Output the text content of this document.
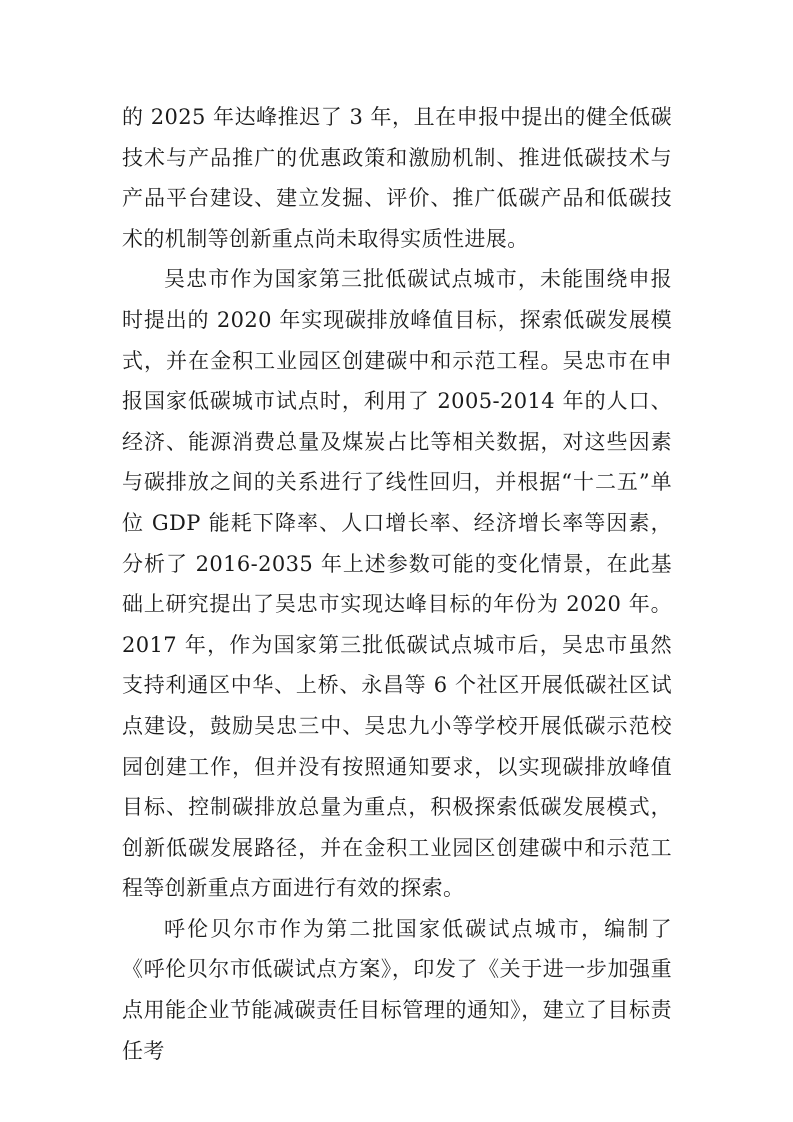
的 2025 年达峰推迟了 3 年，且在申报中提出的健全低碳技术与产品推广的优惠政策和激励机制、推进低碳技术与产品平台建设、建立发掘、评价、推广低碳产品和低碳技术的机制等创新重点尚未取得实质性进展。

吴忠市作为国家第三批低碳试点城市，未能围绕申报时提出的 2020 年实现碳排放峰值目标，探索低碳发展模式，并在金积工业园区创建碳中和示范工程。吴忠市在申报国家低碳城市试点时，利用了 2005-2014 年的人口、经济、能源消费总量及煤炭占比等相关数据，对这些因素与碳排放之间的关系进行了线性回归，并根据“十二五”单位 GDP 能耗下降率、人口增长率、经济增长率等因素，分析了 2016-2035 年上述参数可能的变化情景，在此基础上研究提出了吴忠市实现达峰目标的年份为 2020 年。2017 年，作为国家第三批低碳试点城市后，吴忠市虽然支持利通区中华、上桥、永昌等 6 个社区开展低碳社区试点建设，鼓励吴忠三中、吴忠九小等学校开展低碳示范校园创建工作，但并没有按照通知要求，以实现碳排放峰值目标、控制碳排放总量为重点，积极探索低碳发展模式，创新低碳发展路径，并在金积工业园区创建碳中和示范工程等创新重点方面进行有效的探索。

呼伦贝尔市作为第二批国家低碳试点城市，编制了《呼伦贝尔市低碳试点方案》，印发了《关于进一步加强重点用能企业节能减碳责任目标管理的通知》，建立了目标责任考
